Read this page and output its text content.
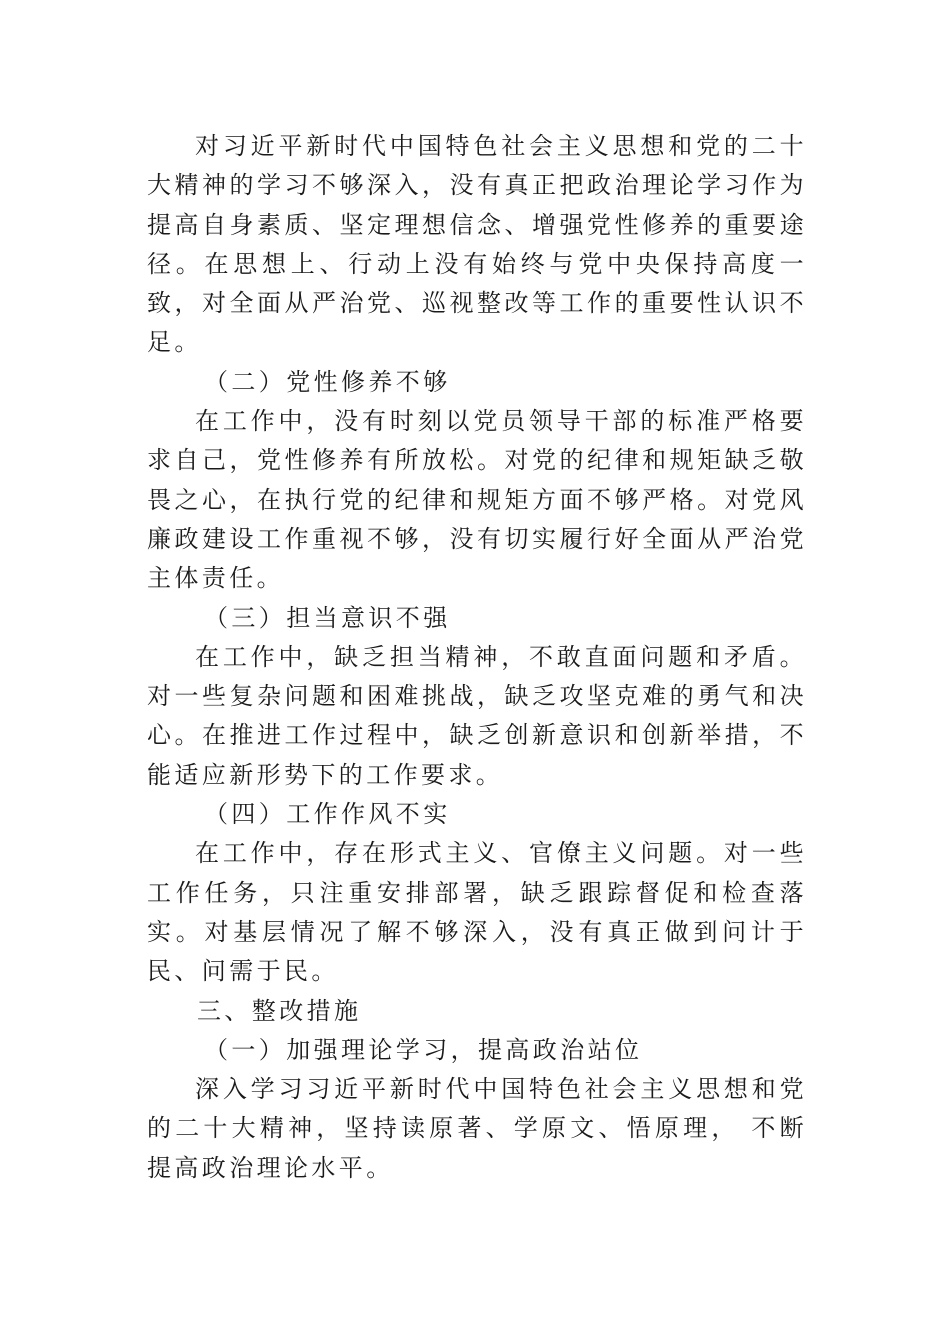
对习近平新时代中国特色社会主义思想和党的二十大精神的学习不够深入，没有真正把政治理论学习作为提高自身素质、坚定理想信念、增强党性修养的重要途径。在思想上、行动上没有始终与党中央保持高度一致，对全面从严治党、巡视整改等工作的重要性认识不足。

（二）党性修养不够

在工作中，没有时刻以党员领导干部的标准严格要求自己，党性修养有所放松。对党的纪律和规矩缺乏敬畏之心，在执行党的纪律和规矩方面不够严格。对党风廉政建设工作重视不够，没有切实履行好全面从严治党主体责任。

（三）担当意识不强

在工作中，缺乏担当精神，不敢直面问题和矛盾。对一些复杂问题和困难挑战，缺乏攻坚克难的勇气和决心。在推进工作过程中，缺乏创新意识和创新举措，不能适应新形势下的工作要求。

（四）工作作风不实

在工作中，存在形式主义、官僚主义问题。对一些工作任务，只注重安排部署，缺乏跟踪督促和检查落实。对基层情况了解不够深入，没有真正做到问计于民、问需于民。

三、整改措施

（一）加强理论学习，提高政治站位

深入学习习近平新时代中国特色社会主义思想和党的二十大精神，坚持读原著、学原文、悟原理， 不断提高政治理论水平。
